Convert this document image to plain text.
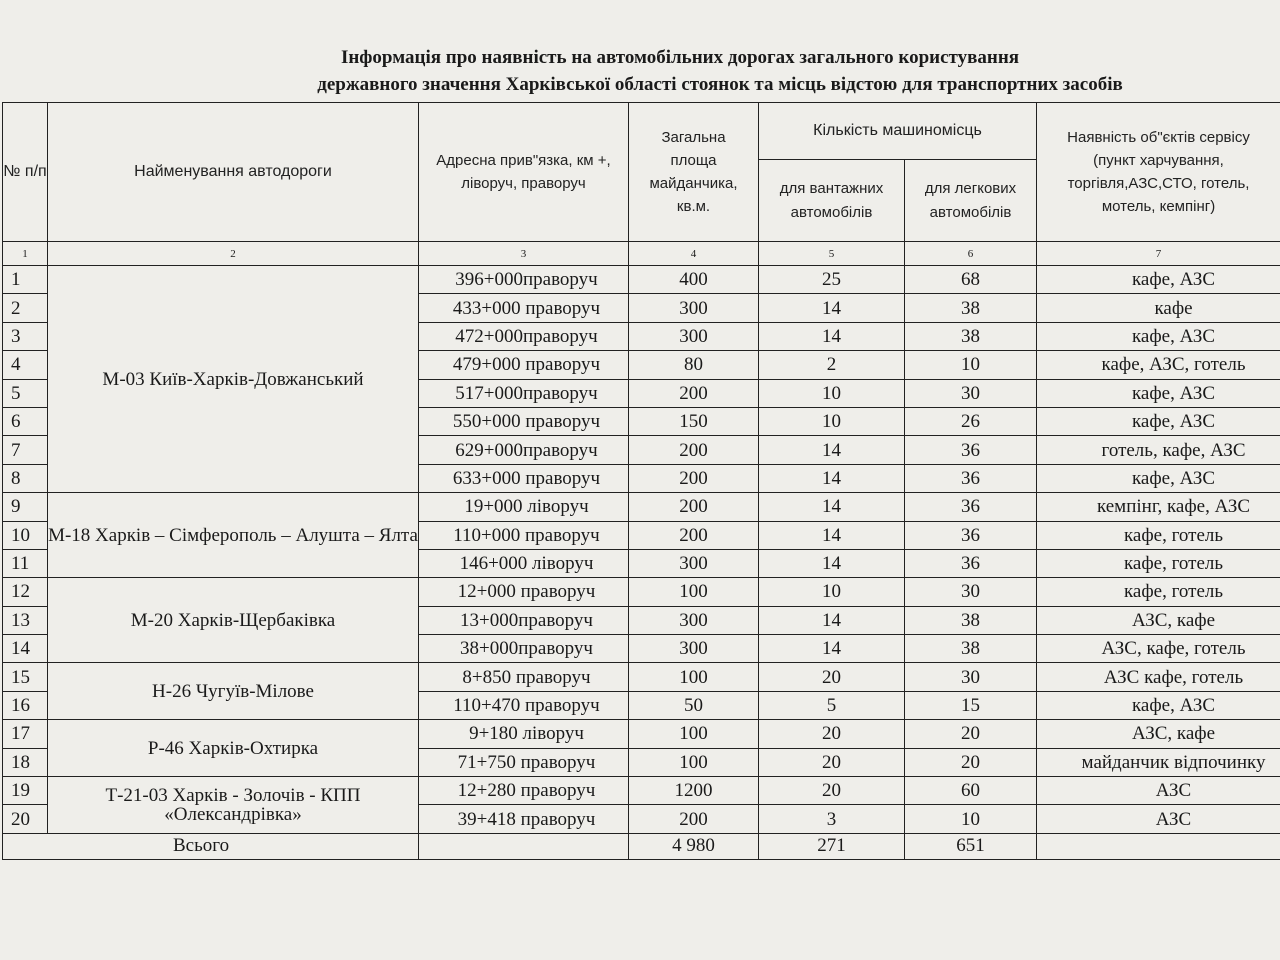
Інформація про наявність на автомобільних дорогах загального користування
державного значення Харківської області стоянок та місць відстою для транспортних засобів
№ п/п	Найменування автодороги	Адресна прив"язка, км +, ліворуч, праворуч	Загальна площа майданчика, кв.м.	Кількість машиномісць		Наявність об"єктів сервісу (пункт харчування, торгівля,АЗС,СТО, готель, мотель, кемпінг)
				для вантажних автомобілів	для легкових автомобілів	
1	2	3	4	5	6	7
1	М-03 Київ-Харків-Довжанський	396+000праворуч	400	25	68	кафе, АЗС
2		433+000 праворуч	300	14	38	кафе
3		472+000праворуч	300	14	38	кафе, АЗС
4		479+000 праворуч	80	2	10	кафе, АЗС, готель
5		517+000праворуч	200	10	30	кафе, АЗС
6		550+000 праворуч	150	10	26	кафе, АЗС
7		629+000праворуч	200	14	36	готель, кафе, АЗС
8		633+000 праворуч	200	14	36	кафе, АЗС
9	М-18 Харків – Сімферополь – Алушта – Ялта	19+000 ліворуч	200	14	36	кемпінг, кафе, АЗС
10		110+000 праворуч	200	14	36	кафе, готель
11		146+000 ліворуч	300	14	36	кафе, готель
12	М-20 Харків-Щербаківка	12+000 праворуч	100	10	30	кафе, готель
13		13+000праворуч	300	14	38	АЗС, кафе
14		38+000праворуч	300	14	38	АЗС, кафе, готель
15	Н-26 Чугуїв-Мілове	8+850 праворуч	100	20	30	АЗС кафе, готель
16		110+470 праворуч	50	5	15	кафе, АЗС
17	Р-46 Харків-Охтирка	9+180 ліворуч	100	20	20	АЗС, кафе
18		71+750 праворуч	100	20	20	майданчик відпочинку
19	Т-21-03 Харків - Золочів - КПП «Олександрівка»	12+280 праворуч	1200	20	60	АЗС
20		39+418 праворуч	200	3	10	АЗС
Всього			4 980	271	651	
